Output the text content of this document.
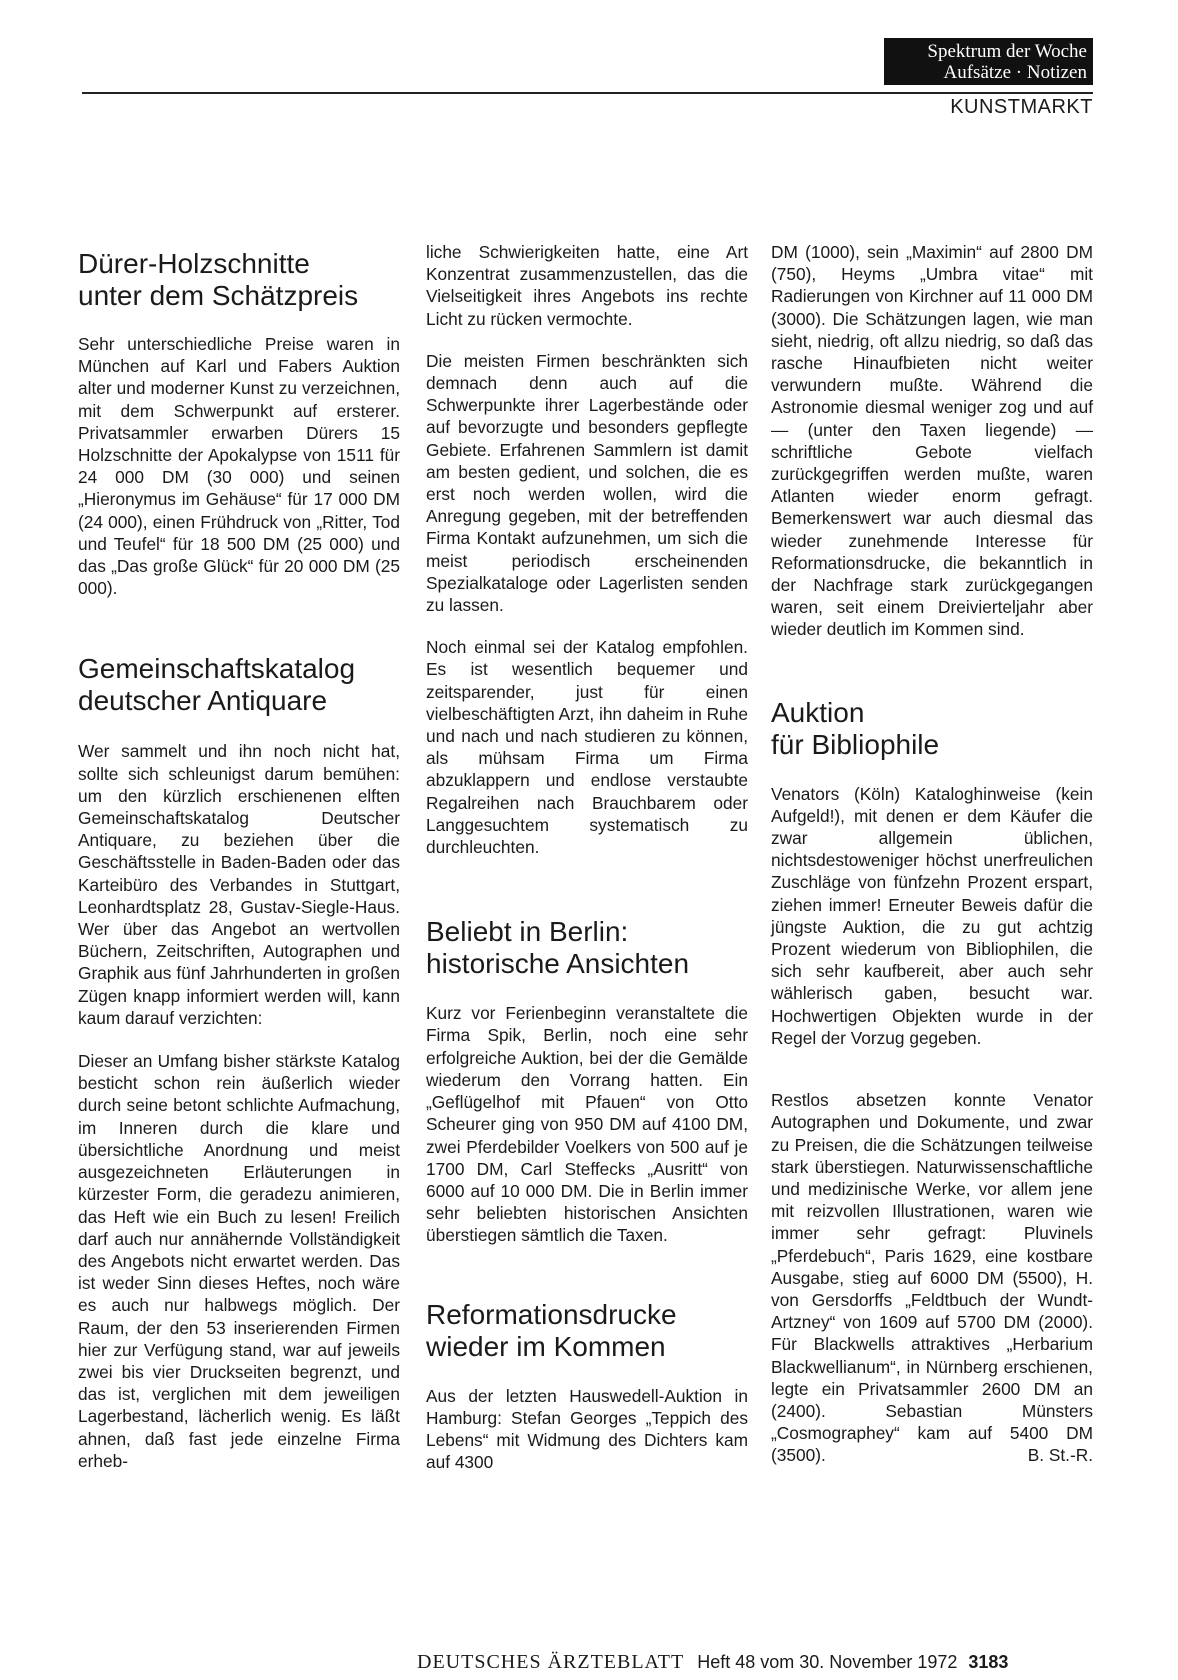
Spektrum der Woche
Aufsätze · Notizen
KUNSTMARKT
Dürer-Holzschnitte
unter dem Schätzpreis

Sehr unterschiedliche Preise waren in München auf Karl und Fabers Auktion alter und moderner Kunst zu verzeichnen, mit dem Schwerpunkt auf ersterer. Privatsammler erwarben Dürers 15 Holzschnitte der Apokalypse von 1511 für 24 000 DM (30 000) und seinen „Hieronymus im Gehäuse“ für 17 000 DM (24 000), einen Frühdruck von „Ritter, Tod und Teufel“ für 18 500 DM (25 000) und das „Das große Glück“ für 20 000 DM (25 000).

Gemeinschaftskatalog
deutscher Antiquare

Wer sammelt und ihn noch nicht hat, sollte sich schleunigst darum bemühen: um den kürzlich erschienenen elften Gemeinschaftskatalog Deutscher Antiquare, zu beziehen über die Geschäftsstelle in Baden-Baden oder das Karteibüro des Verbandes in Stuttgart, Leonhardtsplatz 28, Gustav-Siegle-Haus. Wer über das Angebot an wertvollen Büchern, Zeitschriften, Autographen und Graphik aus fünf Jahrhunderten in großen Zügen knapp informiert werden will, kann kaum darauf verzichten:

Dieser an Umfang bisher stärkste Katalog besticht schon rein äußerlich wieder durch seine betont schlichte Aufmachung, im Inneren durch die klare und übersichtliche Anordnung und meist ausgezeichneten Erläuterungen in kürzester Form, die geradezu animieren, das Heft wie ein Buch zu lesen! Freilich darf auch nur annähernde Vollständigkeit des Angebots nicht erwartet werden. Das ist weder Sinn dieses Heftes, noch wäre es auch nur halbwegs möglich. Der Raum, der den 53 inserierenden Firmen hier zur Verfügung stand, war auf jeweils zwei bis vier Druckseiten begrenzt, und das ist, verglichen mit dem jeweiligen Lagerbestand, lächerlich wenig. Es läßt ahnen, daß fast jede einzelne Firma erheb-

liche Schwierigkeiten hatte, eine Art Konzentrat zusammenzustellen, das die Vielseitigkeit ihres Angebots ins rechte Licht zu rücken vermochte.

Die meisten Firmen beschränkten sich demnach denn auch auf die Schwerpunkte ihrer Lagerbestände oder auf bevorzugte und besonders gepflegte Gebiete. Erfahrenen Sammlern ist damit am besten gedient, und solchen, die es erst noch werden wollen, wird die Anregung gegeben, mit der betreffenden Firma Kontakt aufzunehmen, um sich die meist periodisch erscheinenden Spezialkataloge oder Lagerlisten senden zu lassen.

Noch einmal sei der Katalog empfohlen. Es ist wesentlich bequemer und zeitsparender, just für einen vielbeschäftigten Arzt, ihn daheim in Ruhe und nach und nach studieren zu können, als mühsam Firma um Firma abzuklappern und endlose verstaubte Regalreihen nach Brauchbarem oder Langgesuchtem systematisch zu durchleuchten.

Beliebt in Berlin:
historische Ansichten

Kurz vor Ferienbeginn veranstaltete die Firma Spik, Berlin, noch eine sehr erfolgreiche Auktion, bei der die Gemälde wiederum den Vorrang hatten. Ein „Geflügelhof mit Pfauen“ von Otto Scheurer ging von 950 DM auf 4100 DM, zwei Pferdebilder Voelkers von 500 auf je 1700 DM, Carl Steffecks „Ausritt“ von 6000 auf 10 000 DM. Die in Berlin immer sehr beliebten historischen Ansichten überstiegen sämtlich die Taxen.

Reformationsdrucke
wieder im Kommen

Aus der letzten Hauswedell-Auktion in Hamburg: Stefan Georges „Teppich des Lebens“ mit Widmung des Dichters kam auf 4300

DM (1000), sein „Maximin“ auf 2800 DM (750), Heyms „Umbra vitae“ mit Radierungen von Kirchner auf 11 000 DM (3000). Die Schätzungen lagen, wie man sieht, niedrig, oft allzu niedrig, so daß das rasche Hinaufbieten nicht weiter verwundern mußte. Während die Astronomie diesmal weniger zog und auf — (unter den Taxen liegende) — schriftliche Gebote vielfach zurückgegriffen werden mußte, waren Atlanten wieder enorm gefragt. Bemerkenswert war auch diesmal das wieder zunehmende Interesse für Reformationsdrucke, die bekanntlich in der Nachfrage stark zurückgegangen waren, seit einem Dreivierteljahr aber wieder deutlich im Kommen sind.

Auktion
für Bibliophile

Venators (Köln) Kataloghinweise (kein Aufgeld!), mit denen er dem Käufer die zwar allgemein üblichen, nichtsdestoweniger höchst unerfreulichen Zuschläge von fünfzehn Prozent erspart, ziehen immer! Erneuter Beweis dafür die jüngste Auktion, die zu gut achtzig Prozent wiederum von Bibliophilen, die sich sehr kaufbereit, aber auch sehr wählerisch gaben, besucht war. Hochwertigen Objekten wurde in der Regel der Vorzug gegeben.

Restlos absetzen konnte Venator Autographen und Dokumente, und zwar zu Preisen, die die Schätzungen teilweise stark überstiegen. Naturwissenschaftliche und medizinische Werke, vor allem jene mit reizvollen Illustrationen, waren wie immer sehr gefragt: Pluvinels „Pferdebuch“, Paris 1629, eine kostbare Ausgabe, stieg auf 6000 DM (5500), H. von Gersdorffs „Feldtbuch der Wundt-Artzney“ von 1609 auf 5700 DM (2000). Für Blackwells attraktives „Herbarium Blackwellianum“, in Nürnberg erschienen, legte ein Privatsammler 2600 DM an (2400). Sebastian Münsters „Cosmographey“ kam auf 5400 DM (3500).	B. St.-R.

DEUTSCHES ÄRZTEBLATT Heft 48 vom 30. November 1972 3183
